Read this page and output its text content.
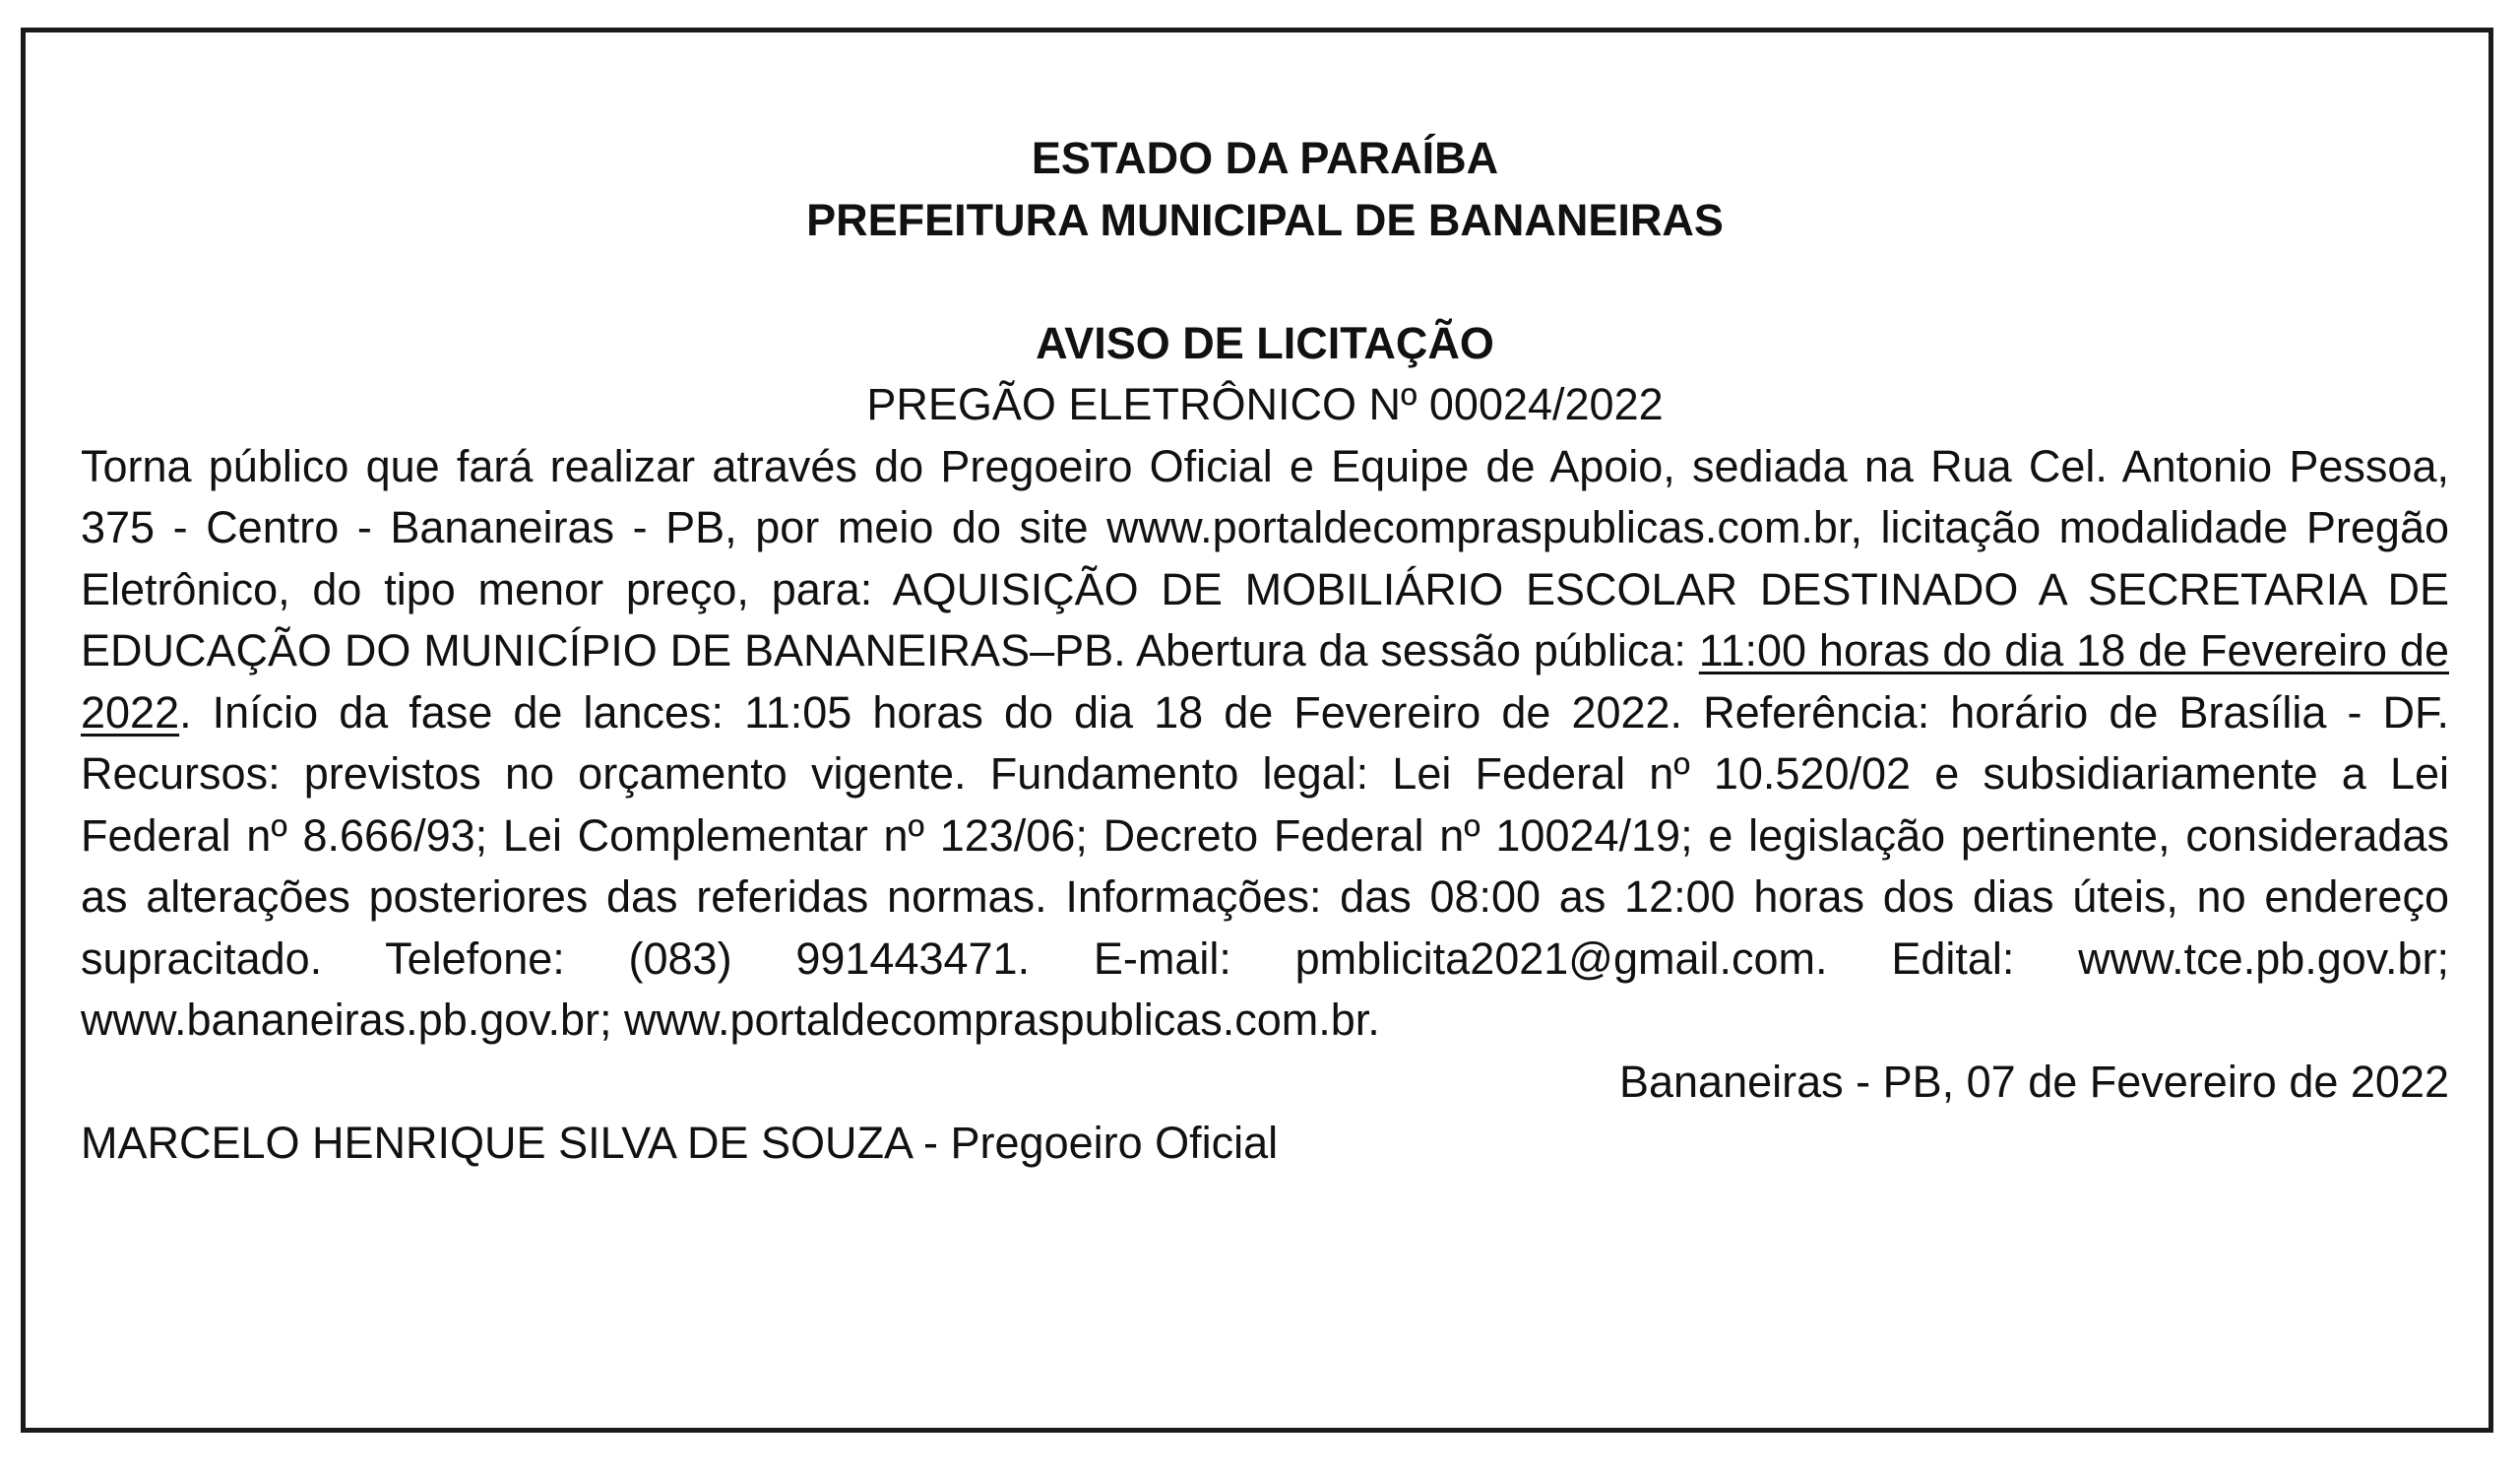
ESTADO DA PARAÍBA
PREFEITURA MUNICIPAL DE BANANEIRAS
AVISO DE LICITAÇÃO
PREGÃO ELETRÔNICO Nº 00024/2022
Torna público que fará realizar através do Pregoeiro Oficial e Equipe de Apoio, sediada na Rua Cel. Antonio Pessoa, 375 - Centro - Bananeiras - PB, por meio do site www.portaldecompraspublicas.com.br, licitação modalidade Pregão Eletrônico, do tipo menor preço, para: AQUISIÇÃO DE MOBILIÁRIO ESCOLAR DESTINADO A SECRETARIA DE EDUCAÇÃO DO MUNICÍPIO DE BANANEIRAS–PB. Abertura da sessão pública: 11:00 horas do dia 18 de Fevereiro de 2022. Início da fase de lances: 11:05 horas do dia 18 de Fevereiro de 2022. Referência: horário de Brasília - DF. Recursos: previstos no orçamento vigente. Fundamento legal: Lei Federal nº 10.520/02 e subsidiariamente a Lei Federal nº 8.666/93; Lei Complementar nº 123/06; Decreto Federal nº 10024/19; e legislação pertinente, consideradas as alterações posteriores das referidas normas. Informações: das 08:00 as 12:00 horas dos dias úteis, no endereço supracitado. Telefone: (083) 991443471. E-mail: pmblicita2021@gmail.com. Edital: www.tce.pb.gov.br; www.bananeiras.pb.gov.br; www.portaldecompraspublicas.com.br.
Bananeiras - PB, 07 de Fevereiro de 2022
MARCELO HENRIQUE SILVA DE SOUZA - Pregoeiro Oficial
